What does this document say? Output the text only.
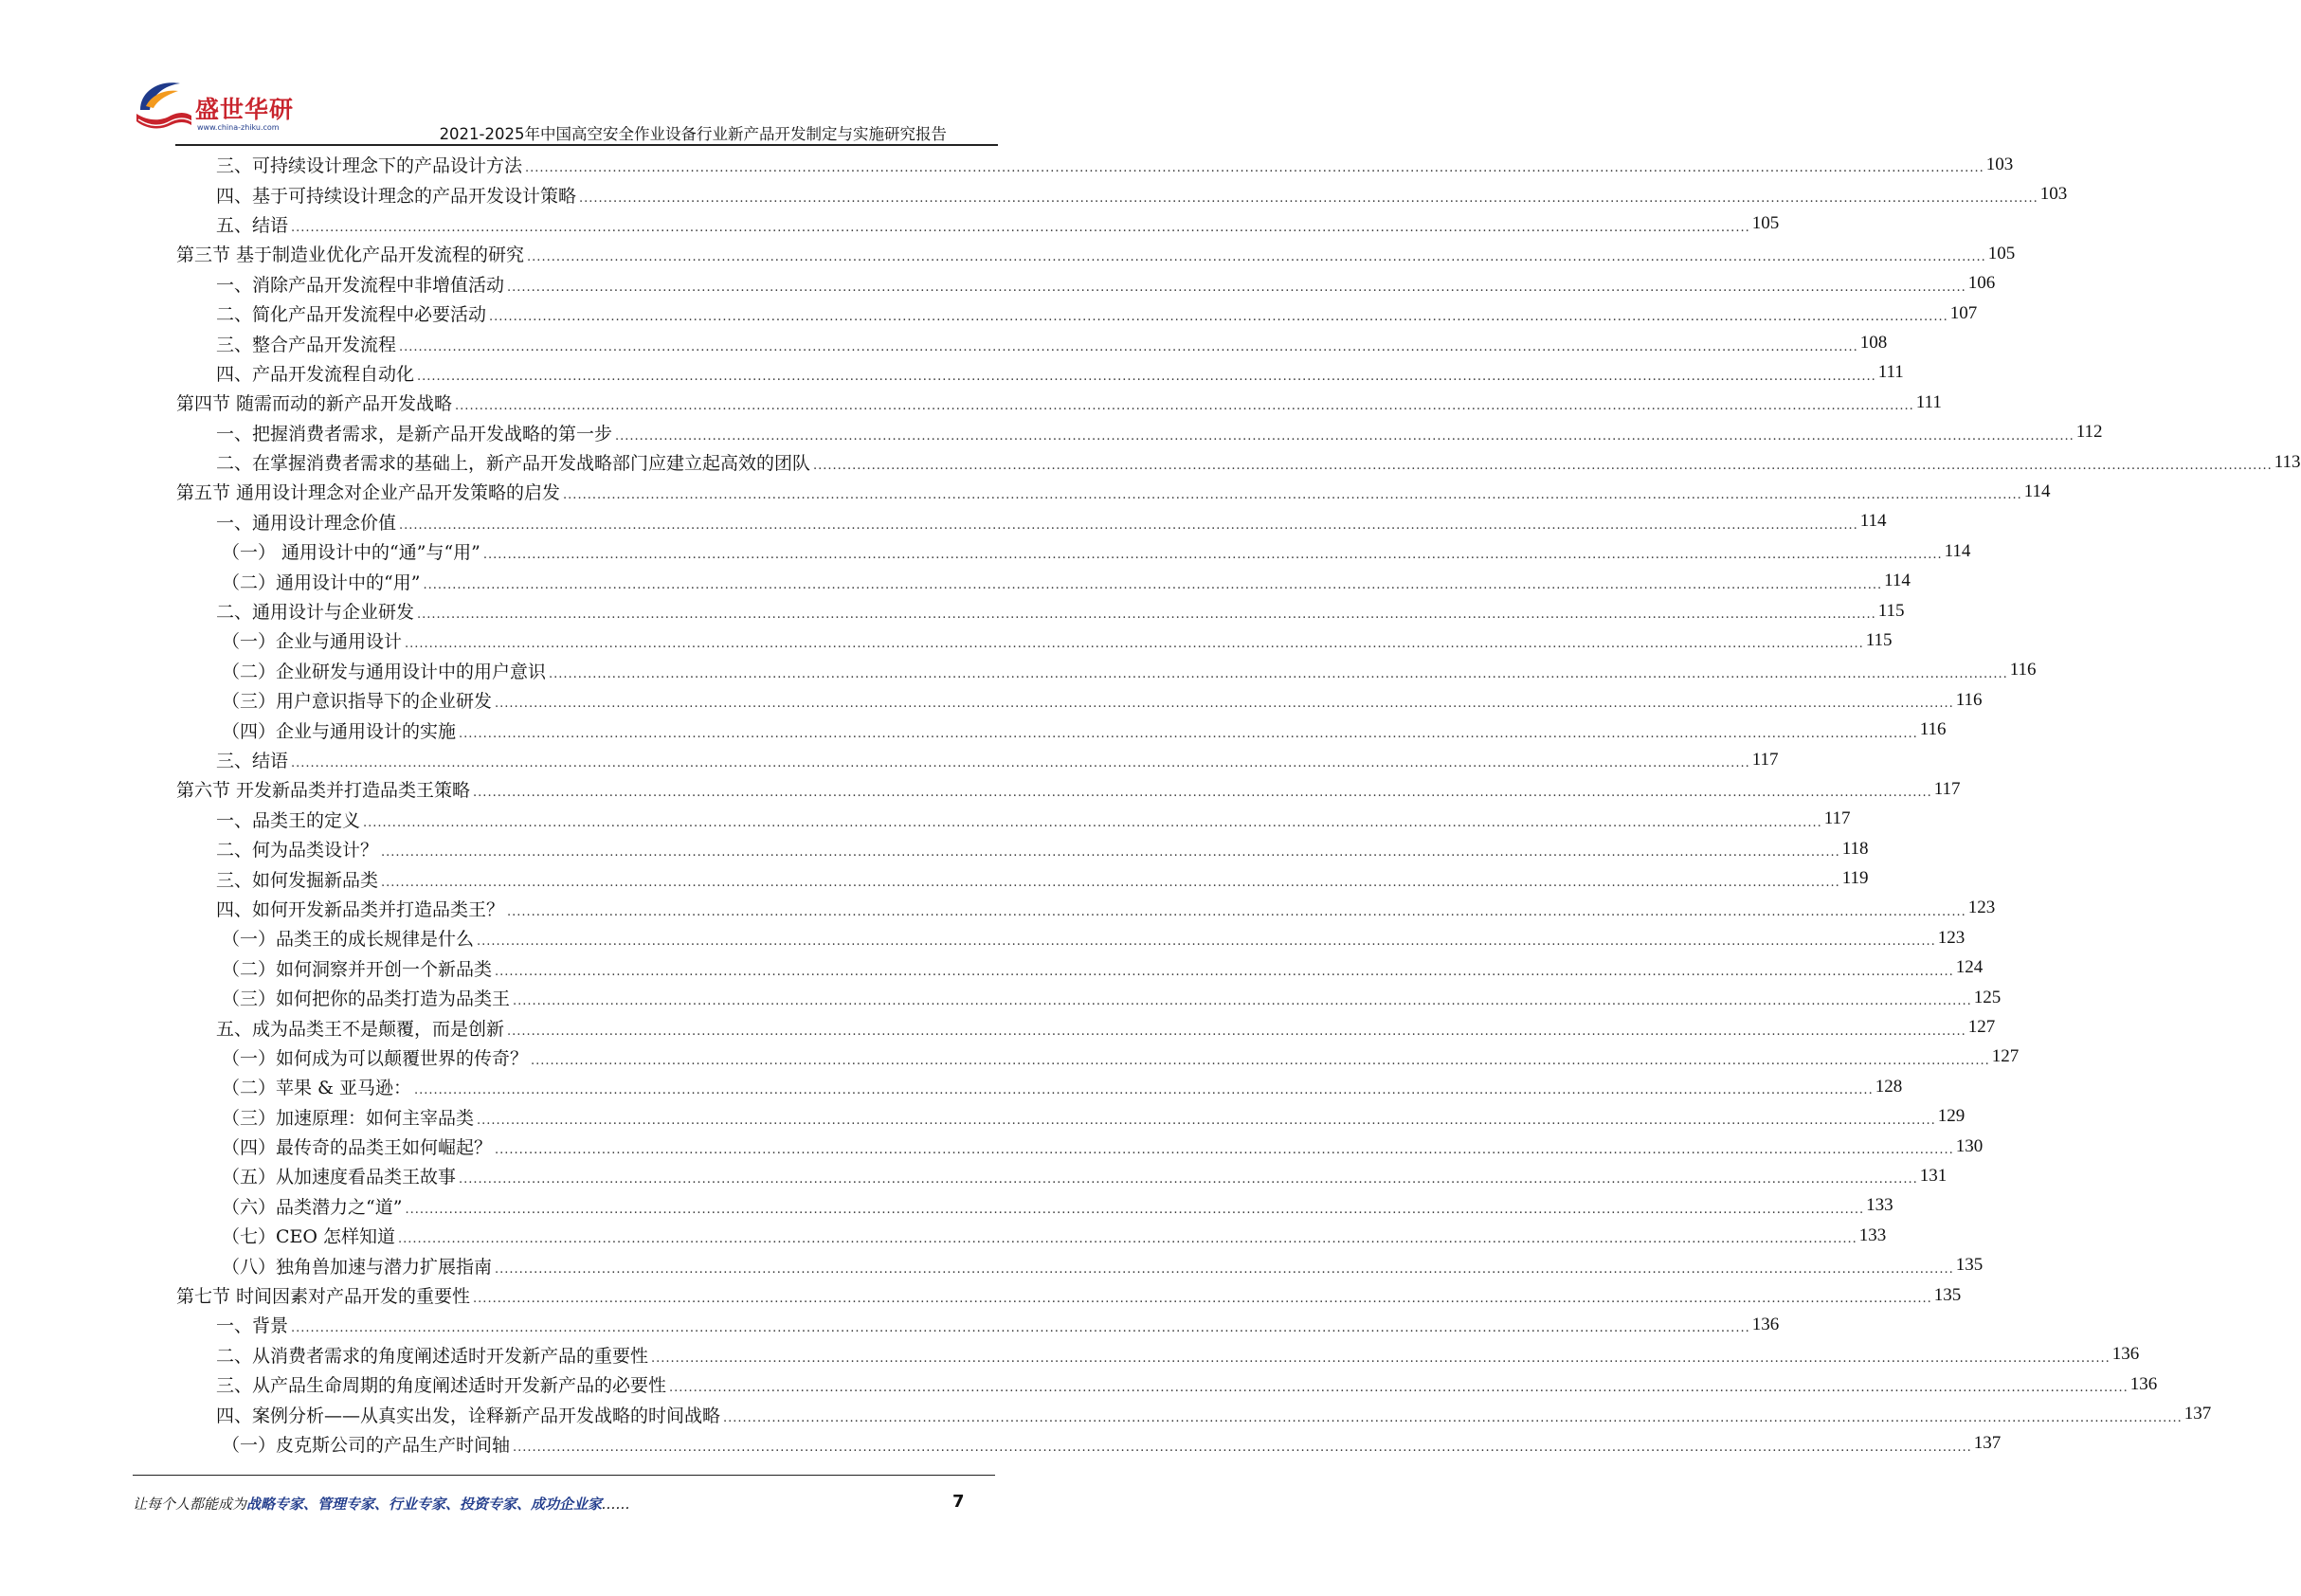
盛世华研
www.china-zhiku.com	2021-2025年中国高空安全作业设备行业新产品开发制定与实施研究报告
三、可持续设计理念下的产品设计方法 ............................................................................................................................................................................................................................................................................................................ 103
四、基于可持续设计理念的产品开发设计策略 ............................................................................................................................................................................................................................................................................................................ 103
五、结语 ............................................................................................................................................................................................................................................................................................................ 105
第三节 基于制造业优化产品开发流程的研究 ............................................................................................................................................................................................................................................................................................................ 105
一、消除产品开发流程中非增值活动 ............................................................................................................................................................................................................................................................................................................ 106
二、简化产品开发流程中必要活动 ............................................................................................................................................................................................................................................................................................................ 107
三、整合产品开发流程 ............................................................................................................................................................................................................................................................................................................ 108
四、产品开发流程自动化 ............................................................................................................................................................................................................................................................................................................ 111
第四节 随需而动的新产品开发战略 ............................................................................................................................................................................................................................................................................................................ 111
一、把握消费者需求，是新产品开发战略的第一步 ............................................................................................................................................................................................................................................................................................................ 112
二、在掌握消费者需求的基础上，新产品开发战略部门应建立起高效的团队 ............................................................................................................................................................................................................................................................................................................ 113
第五节 通用设计理念对企业产品开发策略的启发 ............................................................................................................................................................................................................................................................................................................ 114
一、通用设计理念价值 ............................................................................................................................................................................................................................................................................................................ 114
（一） 通用设计中的“通”与“用” ............................................................................................................................................................................................................................................................................................................ 114
（二）通用设计中的“用” ............................................................................................................................................................................................................................................................................................................ 114
二、通用设计与企业研发 ............................................................................................................................................................................................................................................................................................................ 115
（一）企业与通用设计 ............................................................................................................................................................................................................................................................................................................ 115
（二）企业研发与通用设计中的用户意识 ............................................................................................................................................................................................................................................................................................................ 116
（三）用户意识指导下的企业研发 ............................................................................................................................................................................................................................................................................................................ 116
（四）企业与通用设计的实施 ............................................................................................................................................................................................................................................................................................................ 116
三、结语 ............................................................................................................................................................................................................................................................................................................ 117
第六节 开发新品类并打造品类王策略 ............................................................................................................................................................................................................................................................................................................ 117
一、品类王的定义 ............................................................................................................................................................................................................................................................................................................ 117
二、何为品类设计？ ............................................................................................................................................................................................................................................................................................................ 118
三、如何发掘新品类 ............................................................................................................................................................................................................................................................................................................ 119
四、如何开发新品类并打造品类王？ ............................................................................................................................................................................................................................................................................................................ 123
（一）品类王的成长规律是什么 ............................................................................................................................................................................................................................................................................................................ 123
（二）如何洞察并开创一个新品类 ............................................................................................................................................................................................................................................................................................................ 124
（三）如何把你的品类打造为品类王 ............................................................................................................................................................................................................................................................................................................ 125
五、成为品类王不是颠覆，而是创新 ............................................................................................................................................................................................................................................................................................................ 127
（一）如何成为可以颠覆世界的传奇？ ............................................................................................................................................................................................................................................................................................................ 127
（二）苹果 & 亚马逊： ............................................................................................................................................................................................................................................................................................................ 128
（三）加速原理：如何主宰品类 ............................................................................................................................................................................................................................................................................................................ 129
（四）最传奇的品类王如何崛起？ ............................................................................................................................................................................................................................................................................................................ 130
（五）从加速度看品类王故事 ............................................................................................................................................................................................................................................................................................................ 131
（六）品类潜力之“道” ............................................................................................................................................................................................................................................................................................................ 133
（七）CEO 怎样知道 ............................................................................................................................................................................................................................................................................................................ 133
（八）独角兽加速与潜力扩展指南 ............................................................................................................................................................................................................................................................................................................ 135
第七节 时间因素对产品开发的重要性 ............................................................................................................................................................................................................................................................................................................ 135
一、背景 ............................................................................................................................................................................................................................................................................................................ 136
二、从消费者需求的角度阐述适时开发新产品的重要性 ............................................................................................................................................................................................................................................................................................................ 136
三、从产品生命周期的角度阐述适时开发新产品的必要性 ............................................................................................................................................................................................................................................................................................................ 136
四、案例分析——从真实出发，诠释新产品开发战略的时间战略 ............................................................................................................................................................................................................................................................................................................ 137
（一）皮克斯公司的产品生产时间轴 ............................................................................................................................................................................................................................................................................................................ 137
让每个人都能成为战略专家、管理专家、行业专家、投资专家、成功企业家……	7
